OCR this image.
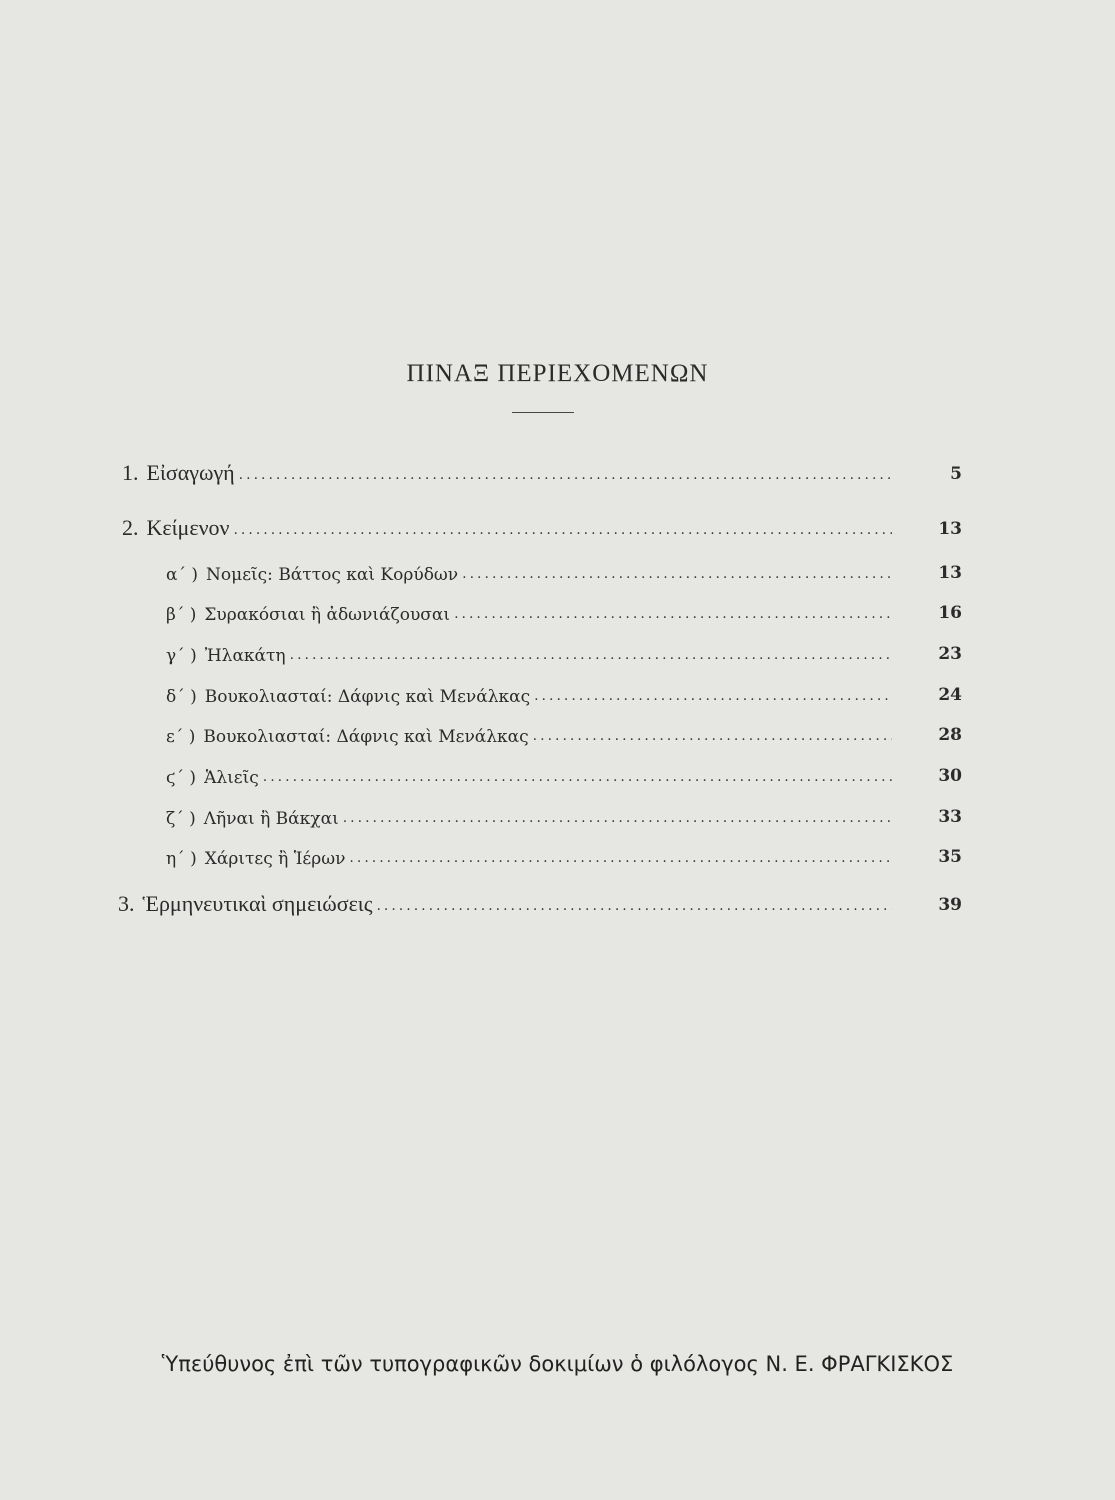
ΠΙΝΑΞ ΠΕΡΙΕΧΟΜΕΝΩΝ
1. Εἰσαγωγή .....	5
2. Κείμενον .....	13
α΄ ) Νομεῖς: Βάττος καὶ Κορύδων .....	13
β΄ ) Συρακόσιαι ἢ ἀδωνιάζουσαι .....	16
γ΄ ) Ἠλακάτη .....	23
δ΄ ) Βουκολιασταί: Δάφνις καὶ Μενάλκας .....	24
ε΄ ) Βουκολιασταί: Δάφνις καὶ Μενάλκας .....	28
ϛ΄ ) Ἁλιεῖς .....	30
ζ΄ ) Λῆναι ἢ Βάκχαι .....	33
η΄ ) Χάριτες ἢ Ἱέρων .....	35
3. Ἑρμηνευτικαὶ σημειώσεις .....	39
Ὑπεύθυνος ἐπὶ τῶν τυπογραφικῶν δοκιμίων ὁ φιλόλογος Ν. Ε. ΦΡΑΓΚΙΣΚΟΣ
